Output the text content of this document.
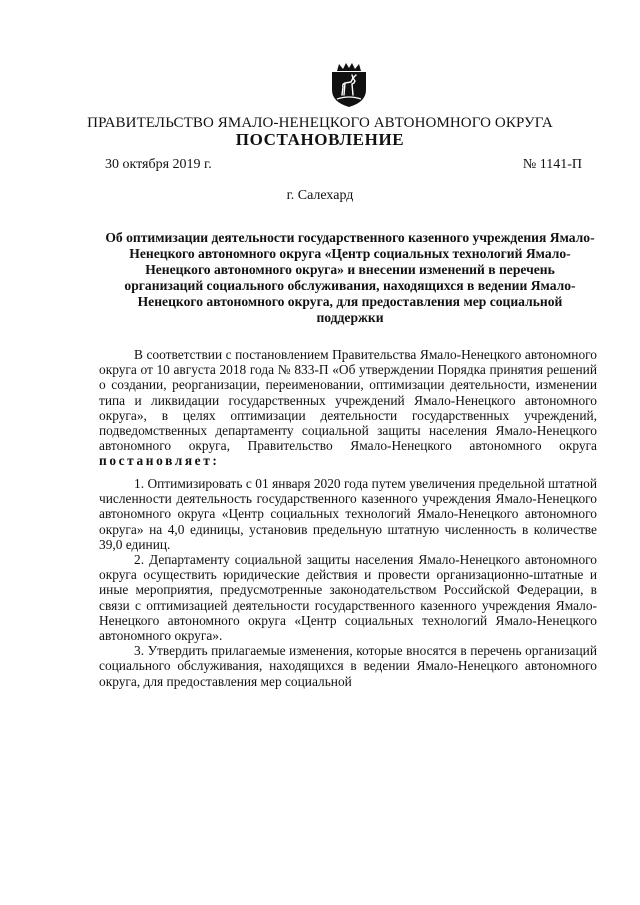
ПРАВИТЕЛЬСТВО ЯМАЛО-НЕНЕЦКОГО АВТОНОМНОГО ОКРУГА
ПОСТАНОВЛЕНИЕ
30 октября 2019 г.	№ 1141-П
г. Салехард
Об оптимизации деятельности государственного казенного учреждения Ямало-Ненецкого автономного округа «Центр социальных технологий Ямало-Ненецкого автономного округа» и внесении изменений в перечень организаций социального обслуживания, находящихся в ведении Ямало-Ненецкого автономного округа, для предоставления мер социальной поддержки

В соответствии с постановлением Правительства Ямало-Ненецкого автономного округа от 10 августа 2018 года № 833-П «Об утверждении Порядка принятия решений о создании, реорганизации, переименовании, оптимизации деятельности, изменении типа и ликвидации государственных учреждений Ямало-Ненецкого автономного округа», в целях оптимизации деятельности государственных учреждений, подведомственных департаменту социальной защиты населения Ямало-Ненецкого автономного округа, Правительство Ямало-Ненецкого автономного округа постановляет:

1. Оптимизировать с 01 января 2020 года путем увеличения предельной штатной численности деятельность государственного казенного учреждения Ямало-Ненецкого автономного округа «Центр социальных технологий Ямало-Ненецкого автономного округа» на 4,0 единицы, установив предельную штатную численность в количестве 39,0 единиц.

2. Департаменту социальной защиты населения Ямало-Ненецкого автономного округа осуществить юридические действия и провести организационно-штатные и иные мероприятия, предусмотренные законодательством Российской Федерации, в связи с оптимизацией деятельности государственного казенного учреждения Ямало-Ненецкого автономного округа «Центр социальных технологий Ямало-Ненецкого автономного округа».

3. Утвердить прилагаемые изменения, которые вносятся в перечень организаций социального обслуживания, находящихся в ведении Ямало-Ненецкого автономного округа, для предоставления мер социальной
